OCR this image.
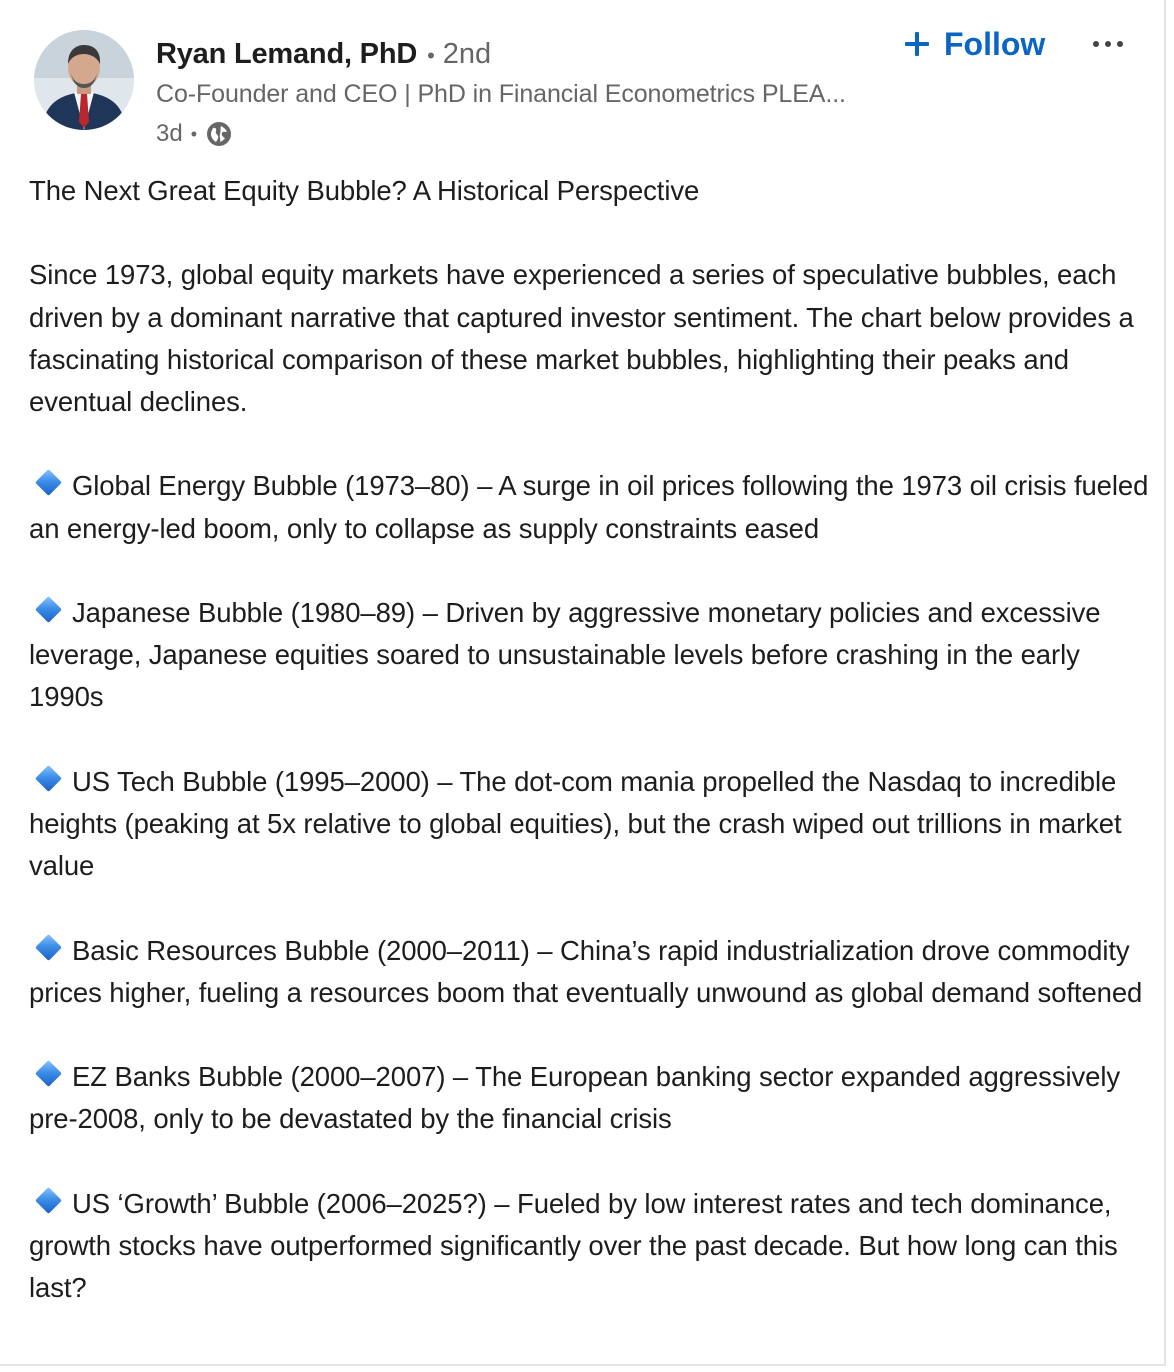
Ryan Lemand, PhD • 2nd
Co-Founder and CEO | PhD in Financial Econometrics PLEA...
3d •
Follow

The Next Great Equity Bubble? A Historical Perspective

Since 1973, global equity markets have experienced a series of speculative bubbles, each driven by a dominant narrative that captured investor sentiment. The chart below provides a fascinating historical comparison of these market bubbles, highlighting their peaks and eventual declines.

Global Energy Bubble (1973–80) – A surge in oil prices following the 1973 oil crisis fueled an energy-led boom, only to collapse as supply constraints eased

Japanese Bubble (1980–89) – Driven by aggressive monetary policies and excessive leverage, Japanese equities soared to unsustainable levels before crashing in the early 1990s

US Tech Bubble (1995–2000) – The dot-com mania propelled the Nasdaq to incredible heights (peaking at 5x relative to global equities), but the crash wiped out trillions in market value

Basic Resources Bubble (2000–2011) – China’s rapid industrialization drove commodity prices higher, fueling a resources boom that eventually unwound as global demand softened

EZ Banks Bubble (2000–2007) – The European banking sector expanded aggressively pre-2008, only to be devastated by the financial crisis

US ‘Growth’ Bubble (2006–2025?) – Fueled by low interest rates and tech dominance, growth stocks have outperformed significantly over the past decade. But how long can this last?
